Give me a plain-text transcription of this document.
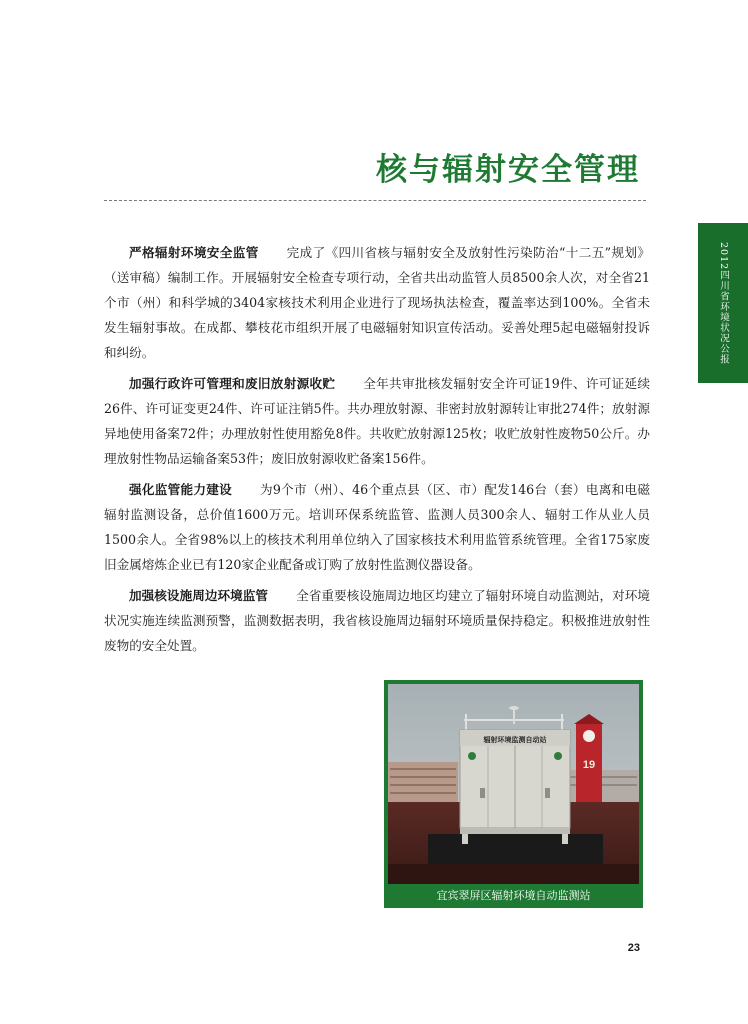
核与辐射安全管理
2012四川省环境状况公报

严格辐射环境安全监管 完成了《四川省核与辐射安全及放射性污染防治“十二五”规划》（送审稿）编制工作。开展辐射安全检查专项行动，全省共出动监管人员8500余人次，对全省21个市（州）和科学城的3404家核技术利用企业进行了现场执法检查，覆盖率达到100%。全省未发生辐射事故。在成都、攀枝花市组织开展了电磁辐射知识宣传活动。妥善处理5起电磁辐射投诉和纠纷。

加强行政许可管理和废旧放射源收贮 全年共审批核发辐射安全许可证19件、许可证延续26件、许可证变更24件、许可证注销5件。共办理放射源、非密封放射源转让审批274件；放射源异地使用备案72件；办理放射性使用豁免8件。共收贮放射源125枚；收贮放射性废物50公斤。办理放射性物品运输备案53件；废旧放射源收贮备案156件。

强化监管能力建设 为9个市（州）、46个重点县（区、市）配发146台（套）电离和电磁辐射监测设备，总价值1600万元。培训环保系统监管、监测人员300余人、辐射工作从业人员1500余人。全省98%以上的核技术利用单位纳入了国家核技术利用监管系统管理。全省175家废旧金属熔炼企业已有120家企业配备或订购了放射性监测仪器设备。

加强核设施周边环境监管 全省重要核设施周边地区均建立了辐射环境自动监测站，对环境状况实施连续监测预警，监测数据表明，我省核设施周边辐射环境质量保持稳定。积极推进放射性废物的安全处置。

19
辐射环境监测自动站
宜宾翠屏区辐射环境自动监测站
23
